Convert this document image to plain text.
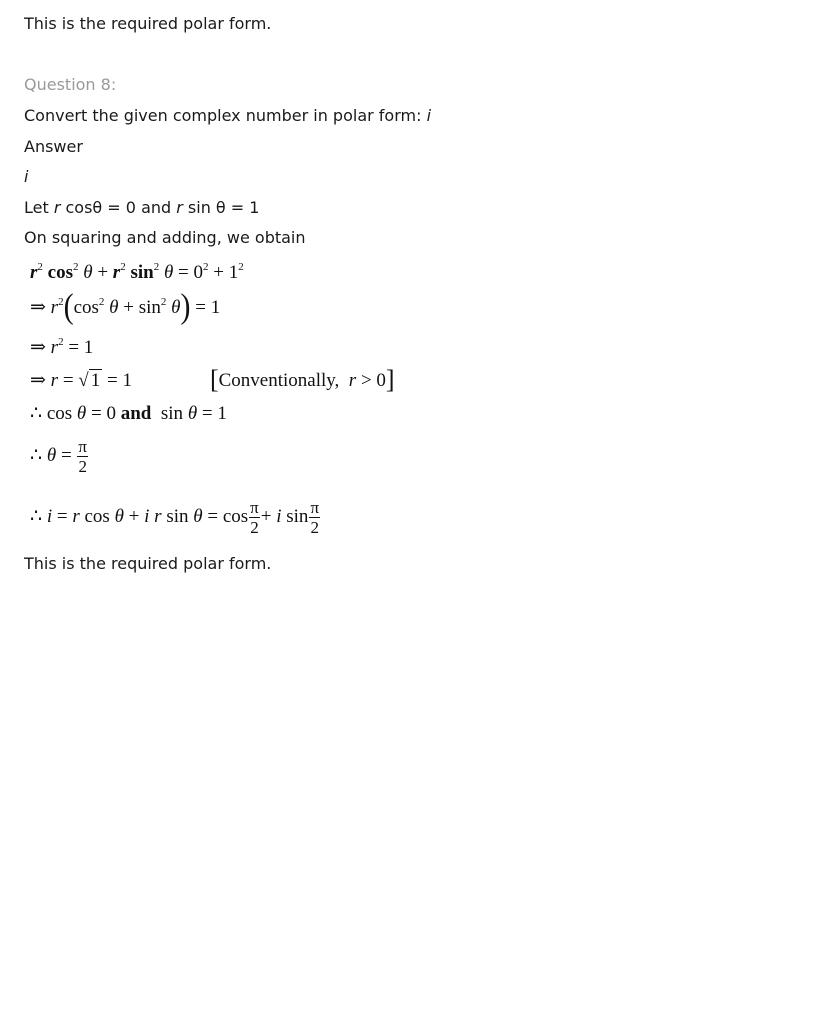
This is the required polar form.
Question 8:
Convert the given complex number in polar form: i
Answer
i
Let r cosθ = 0 and r sin θ = 1
On squaring and adding, we obtain
$r^2$ $\cos^2 \theta + r^2$ $\sin^2 \theta = 0^2 + 1^2$
⇒ $r^2(\cos^2$ $\theta + \sin^2 \theta) = 1$
⇒ $r^2 = 1$
⇒ r = √ 1 = 1	[Conventionally, r > 0]
∴ cos θ = 0 and  sin θ = 1
∴ $\theta = \frac{\pi}{2}$
∴ i = r cos θ + i r $\sin \theta = \cos \frac{\pi}{2} + i$ $\sin \frac{\pi}{2}$
This is the required polar form.
